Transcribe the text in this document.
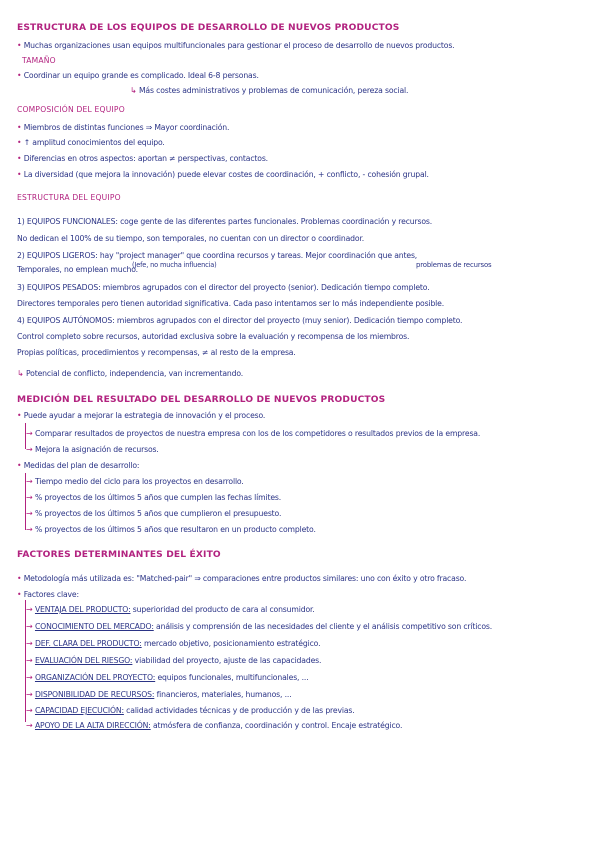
ESTRUCTURA DE LOS EQUIPOS DE DESARROLLO DE NUEVOS PRODUCTOS
• Muchas organizaciones usan equipos multifuncionales para gestionar el proceso de desarrollo de nuevos productos.
TAMAÑO
• Coordinar un equipo grande es complicado. Ideal 6-8 personas.
↳ Más costes administrativos y problemas de comunicación, pereza social.
COMPOSICIÓN DEL EQUIPO
• Miembros de distintas funciones ⇒ Mayor coordinación.
• ↑ amplitud conocimientos del equipo.
• Diferencias en otros aspectos: aportan ≠ perspectivas, contactos.
• La diversidad (que mejora la innovación) puede elevar costes de coordinación, + conflicto, - cohesión grupal.
ESTRUCTURA DEL EQUIPO
1) EQUIPOS FUNCIONALES: coge gente de las diferentes partes funcionales. Problemas coordinación y recursos.
No dedican el 100% de su tiempo, son temporales, no cuentan con un director o coordinador.
2) EQUIPOS LIGEROS: hay "project manager" que coordina recursos y tareas. Mejor coordinación que antes,
Temporales, no emplean mucho.
(Jefe, no mucha influencia)	problemas de recursos
3) EQUIPOS PESADOS: miembros agrupados con el director del proyecto (senior). Dedicación tiempo completo.
Directores temporales pero tienen autoridad significativa. Cada paso intentamos ser lo más independiente posible.
4) EQUIPOS AUTÓNOMOS: miembros agrupados con el director del proyecto (muy senior). Dedicación tiempo completo.
Control completo sobre recursos, autoridad exclusiva sobre la evaluación y recompensa de los miembros.
Propias políticas, procedimientos y recompensas, ≠ al resto de la empresa.
↳ Potencial de conflicto, independencia, van incrementando.
MEDICIÓN DEL RESULTADO DEL DESARROLLO DE NUEVOS PRODUCTOS
• Puede ayudar a mejorar la estrategia de innovación y el proceso.
→ Comparar resultados de proyectos de nuestra empresa con los de los competidores o resultados previos de la empresa.
→ Mejora la asignación de recursos.
• Medidas del plan de desarrollo:
→ Tiempo medio del ciclo para los proyectos en desarrollo.
→ % proyectos de los últimos 5 años que cumplen las fechas límites.
→ % proyectos de los últimos 5 años que cumplieron el presupuesto.
→ % proyectos de los últimos 5 años que resultaron en un producto completo.
FACTORES DETERMINANTES DEL ÉXITO
• Metodología más utilizada es: "Matched-pair" ⇒ comparaciones entre productos similares: uno con éxito y otro fracaso.
• Factores clave:
→ VENTAJA DEL PRODUCTO: superioridad del producto de cara al consumidor.
→ CONOCIMIENTO DEL MERCADO: análisis y comprensión de las necesidades del cliente y el análisis competitivo son críticos.
→ DEF. CLARA DEL PRODUCTO: mercado objetivo, posicionamiento estratégico.
→ EVALUACIÓN DEL RIESGO: viabilidad del proyecto, ajuste de las capacidades.
→ ORGANIZACIÓN DEL PROYECTO: equipos funcionales, multifuncionales, ...
→ DISPONIBILIDAD DE RECURSOS: financieros, materiales, humanos, ...
→ CAPACIDAD EJECUCIÓN: calidad actividades técnicas y de producción y de las previas.
→ APOYO DE LA ALTA DIRECCIÓN: atmósfera de confianza, coordinación y control. Encaje estratégico.
